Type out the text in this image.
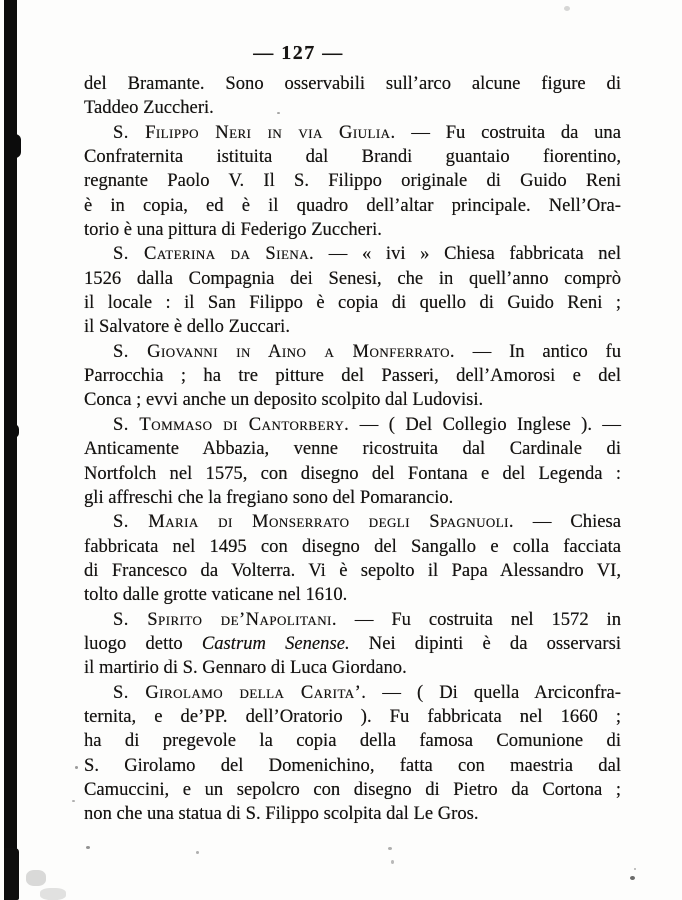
— 127 —
del Bramante. Sono osservabili sull’arco alcune figure di
Taddeo Zuccheri.
S. Filippo Neri in via Giulia. — Fu costruita da una
Confraternita istituita dal Brandi guantaio fiorentino,
regnante Paolo V. Il S. Filippo originale di Guido Reni
è in copia, ed è il quadro dell’altar principale. Nell’Ora-
torio è una pittura di Federigo Zuccheri.
S. Caterina da Siena. — « ivi » Chiesa fabbricata nel
1526 dalla Compagnia dei Senesi, che in quell’anno comprò
il locale : il San Filippo è copia di quello di Guido Reni ;
il Salvatore è dello Zuccari.
S. Giovanni in Aino a Monferrato. — In antico fu
Parrocchia ; ha tre pitture del Passeri, dell’Amorosi e del
Conca ; evvi anche un deposito scolpito dal Ludovisi.
S. Tommaso di Cantorbery. — ( Del Collegio Inglese ). —
Anticamente Abbazia, venne ricostruita dal Cardinale di
Nortfolch nel 1575, con disegno del Fontana e del Legenda :
gli affreschi che la fregiano sono del Pomarancio.
S. Maria di Monserrato degli Spagnuoli. — Chiesa
fabbricata nel 1495 con disegno del Sangallo e colla facciata
di Francesco da Volterra. Vi è sepolto il Papa Alessandro VI,
tolto dalle grotte vaticane nel 1610.
S. Spirito de’Napolitani. — Fu costruita nel 1572 in
luogo detto Castrum Senense. Nei dipinti è da osservarsi
il martirio di S. Gennaro di Luca Giordano.
S. Girolamo della Carita’. — ( Di quella Arciconfra-
ternita, e de’PP. dell’Oratorio ). Fu fabbricata nel 1660 ;
ha di pregevole la copia della famosa Comunione di
S. Girolamo del Domenichino, fatta con maestria dal
Camuccini, e un sepolcro con disegno di Pietro da Cortona ;
non che una statua di S. Filippo scolpita dal Le Gros.
